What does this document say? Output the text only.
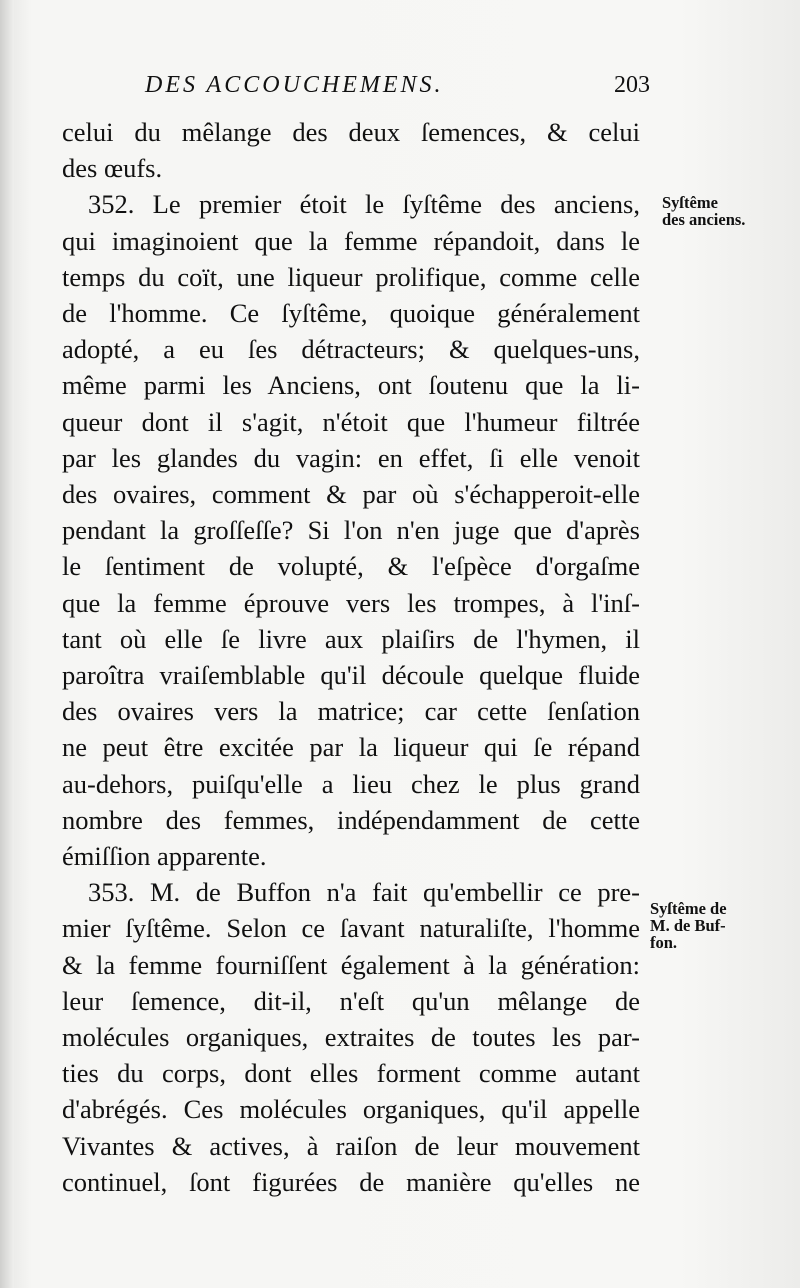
DES ACCOUCHEMENS.	203
celui du mêlange des deux ſemences, & celui
des œufs.
352. Le premier étoit le ſyſtême des anciens,
qui imaginoient que la femme répandoit, dans le
temps du coït, une liqueur prolifique, comme celle
de l'homme. Ce ſyſtême, quoique généralement
adopté, a eu ſes détracteurs; & quelques-uns,
même parmi les Anciens, ont ſoutenu que la li-
queur dont il s'agit, n'étoit que l'humeur filtrée
par les glandes du vagin: en effet, ſi elle venoit
des ovaires, comment & par où s'échapperoit-elle
pendant la groſſeſſe? Si l'on n'en juge que d'après
le ſentiment de volupté, & l'eſpèce d'orgaſme
que la femme éprouve vers les trompes, à l'inſ-
tant où elle ſe livre aux plaiſirs de l'hymen, il
paroîtra vraiſemblable qu'il découle quelque fluide
des ovaires vers la matrice; car cette ſenſation
ne peut être excitée par la liqueur qui ſe répand
au-dehors, puiſqu'elle a lieu chez le plus grand
nombre des femmes, indépendamment de cette
émiſſion apparente.
353. M. de Buffon n'a fait qu'embellir ce pre-
mier ſyſtême. Selon ce ſavant naturaliſte, l'homme
& la femme fourniſſent également à la génération:
leur ſemence, dit-il, n'eſt qu'un mêlange de
molécules organiques, extraites de toutes les par-
ties du corps, dont elles forment comme autant
d'abrégés. Ces molécules organiques, qu'il appelle
Vivantes & actives, à raiſon de leur mouvement
continuel, ſont figurées de manière qu'elles ne
Syſtême
des anciens.
Syſtême de
M. de Buf-
fon.
